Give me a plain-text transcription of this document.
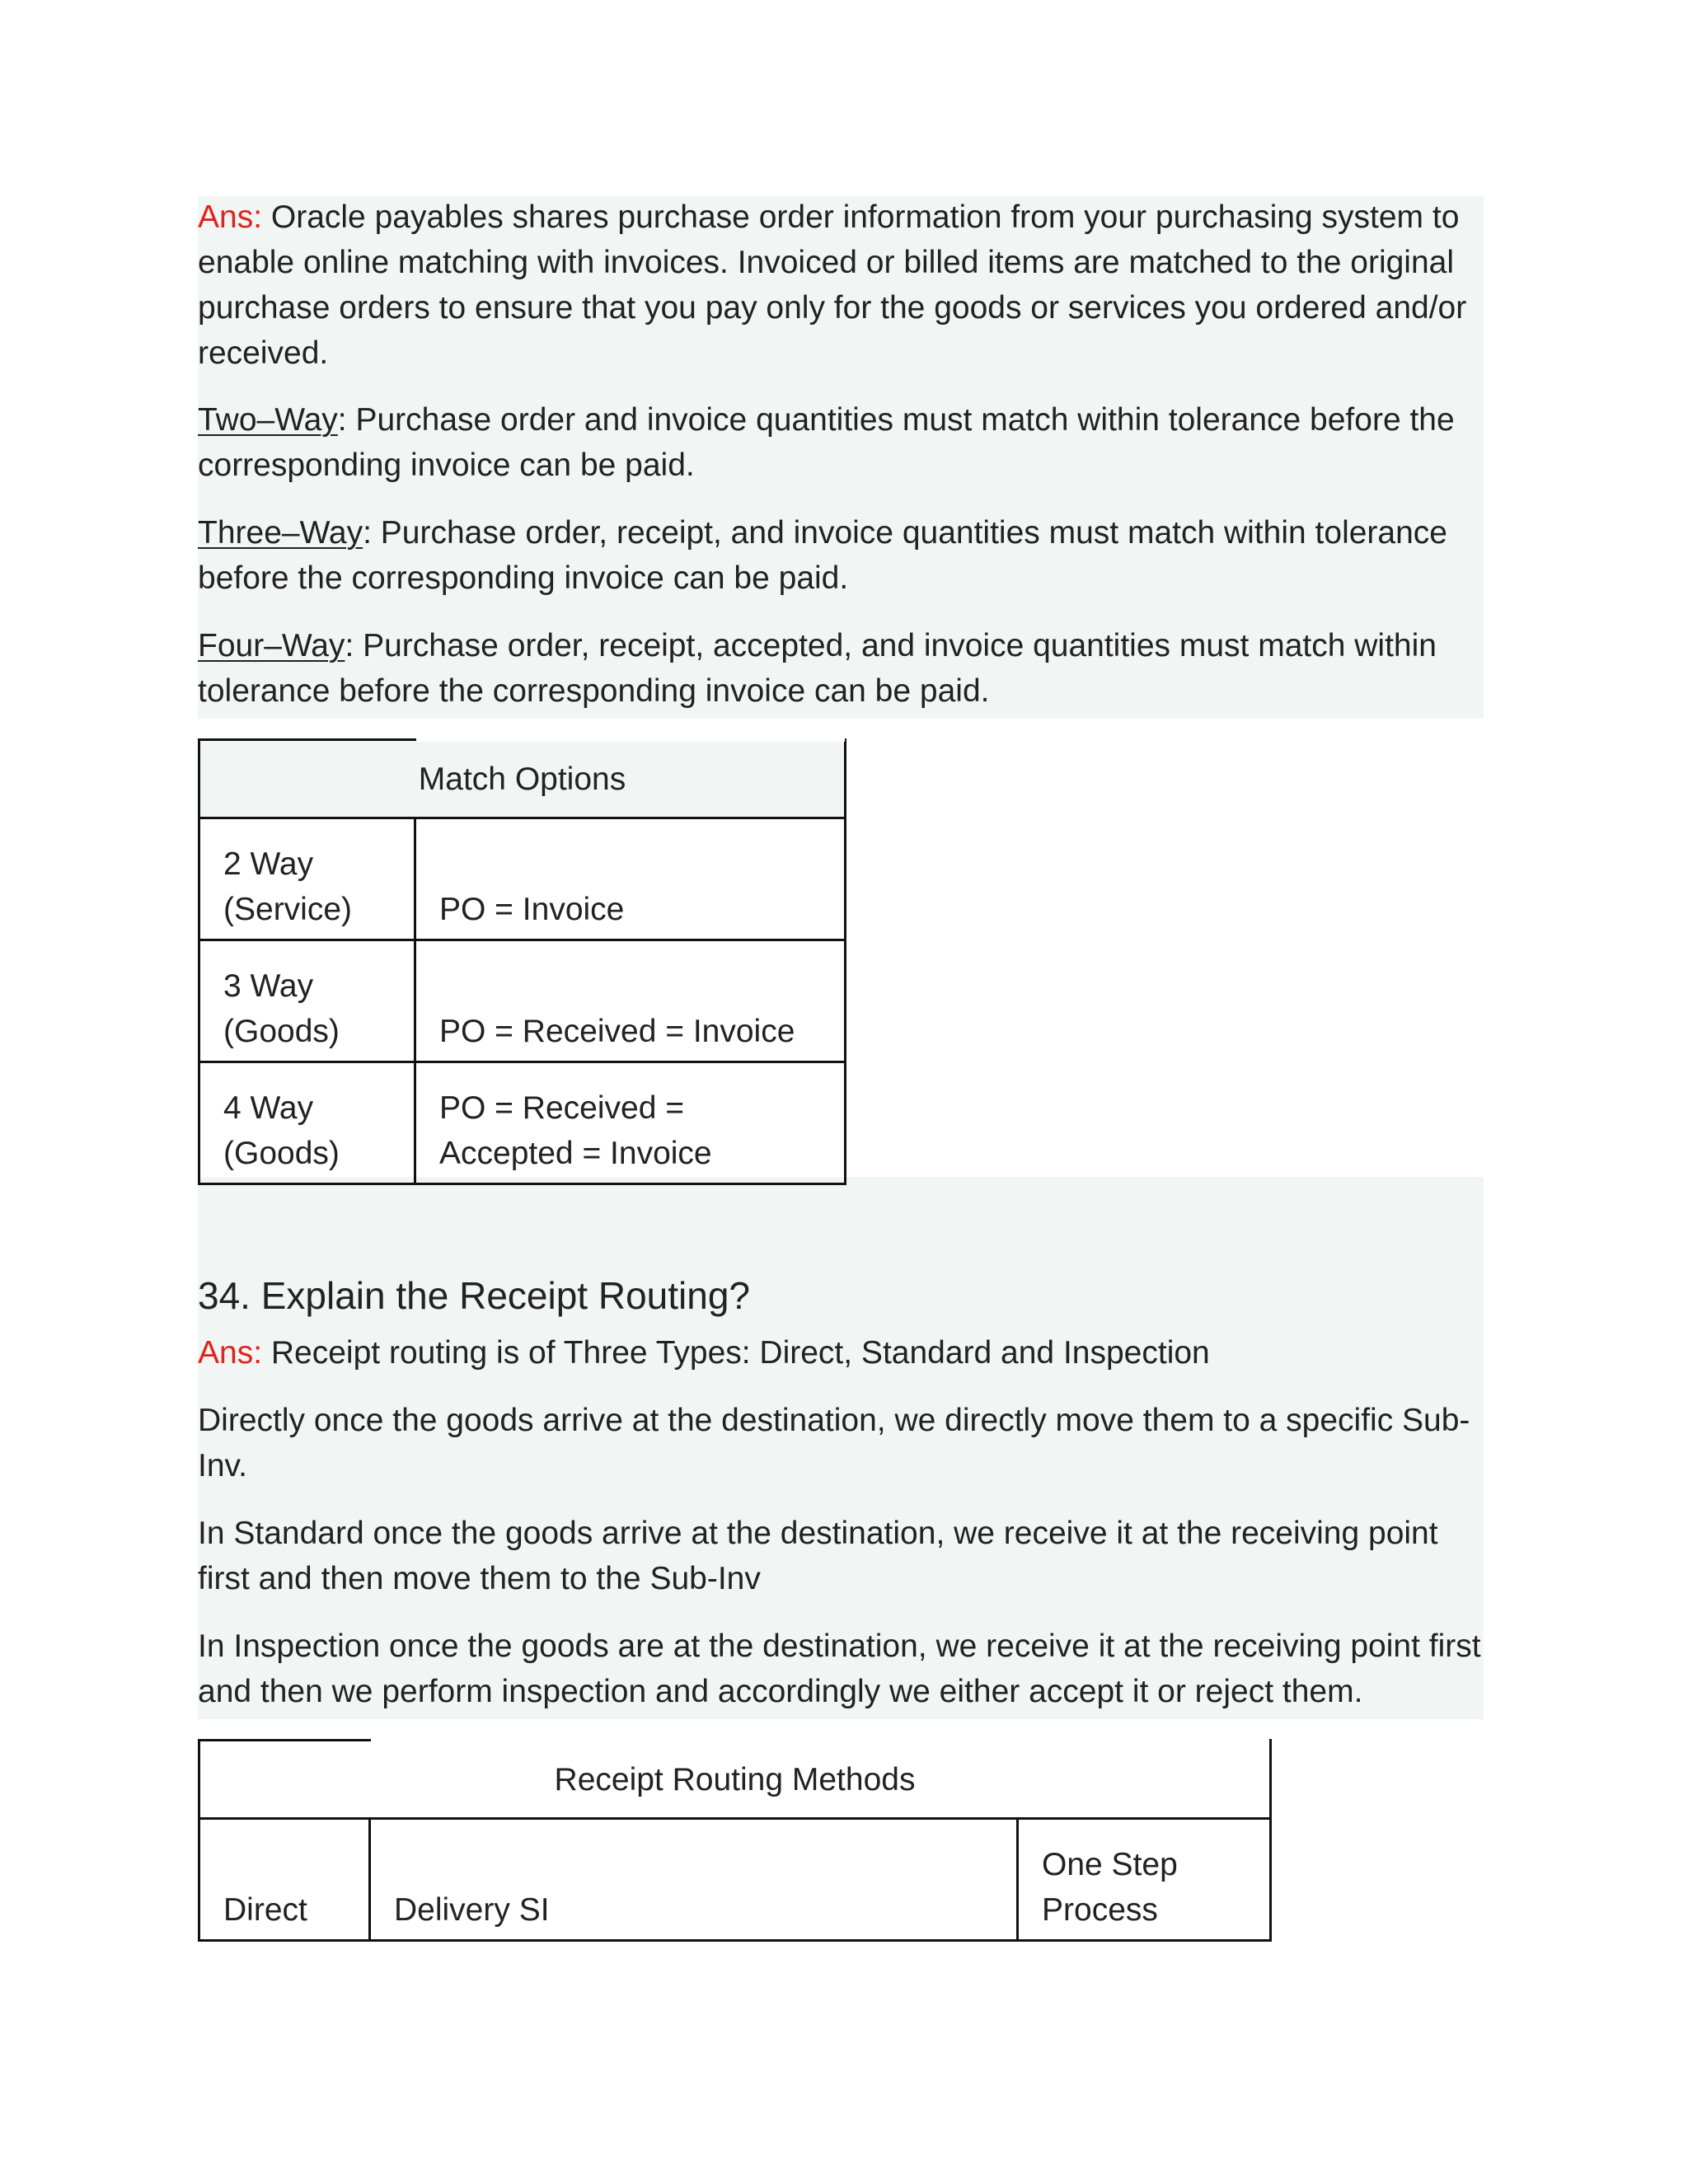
Ans: Oracle payables shares purchase order information from your purchasing system to enable online matching with invoices. Invoiced or billed items are matched to the original purchase orders to ensure that you pay only for the goods or services you ordered and/or received.

Two–Way: Purchase order and invoice quantities must match within tolerance before the corresponding invoice can be paid.

Three–Way: Purchase order, receipt, and invoice quantities must match within tolerance before the corresponding invoice can be paid.

Four–Way: Purchase order, receipt, accepted, and invoice quantities must match within tolerance before the corresponding invoice can be paid.

Match Options	
2 Way (Service)	PO = Invoice
3 Way (Goods)	PO = Received = Invoice
4 Way (Goods)	PO = Received = Accepted = Invoice
34. Explain the Receipt Routing?

Ans: Receipt routing is of Three Types: Direct, Standard and Inspection

Directly once the goods arrive at the destination, we directly move them to a specific Sub-Inv.

In Standard once the goods arrive at the destination, we receive it at the receiving point first and then move them to the Sub-Inv

In Inspection once the goods are at the destination, we receive it at the receiving point first and then we perform inspection and accordingly we either accept it or reject them.

Receipt Routing Methods
Direct	Delivery SI	One Step Process
